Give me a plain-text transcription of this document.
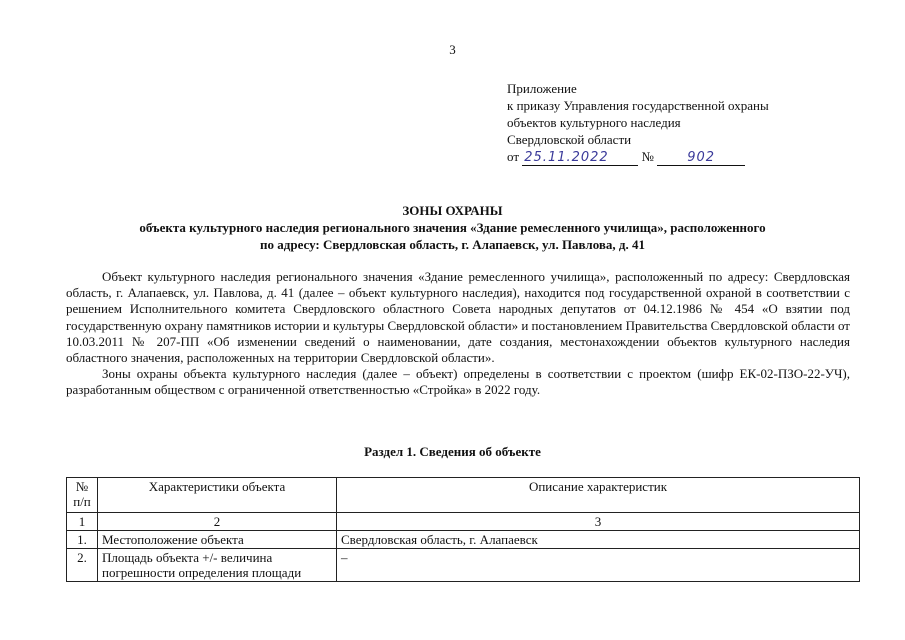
3
Приложение
к приказу Управления государственной охраны
объектов культурного наследия
Свердловской области
от 25.11.2022	№	902
ЗОНЫ ОХРАНЫ
объекта культурного наследия регионального значения «Здание ремесленного училища», расположенного
по адресу: Свердловская область, г. Алапаевск, ул. Павлова, д. 41

Объект культурного наследия регионального значения «Здание ремесленного училища», расположенный по адресу: Свердловская область, г. Алапаевск, ул. Павлова, д. 41 (далее – объект культурного наследия), находится под государственной охраной в соответствии с решением Исполнительного комитета Свердловского областного Совета народных депутатов от 04.12.1986 № 454 «О взятии под государственную охрану памятников истории и культуры Свердловской области» и постановлением Правительства Свердловской области от 10.03.2011 № 207-ПП «Об изменении сведений о наименовании, дате создания, местонахождении объектов культурного наследия областного значения, расположенных на территории Свердловской области».

Зоны охраны объекта культурного наследия (далее – объект) определены в соответствии с проектом (шифр ЕК-02-ПЗО-22-УЧ), разработанным обществом с ограниченной ответственностью «Стройка» в 2022 году.

Раздел 1. Сведения об объекте
№ п/п	Характеристики объекта	Описание характеристик
1	2	3
1.	Местоположение объекта	Свердловская область, г. Алапаевск
2.	Площадь объекта +/- величина погрешности определения площади	–
